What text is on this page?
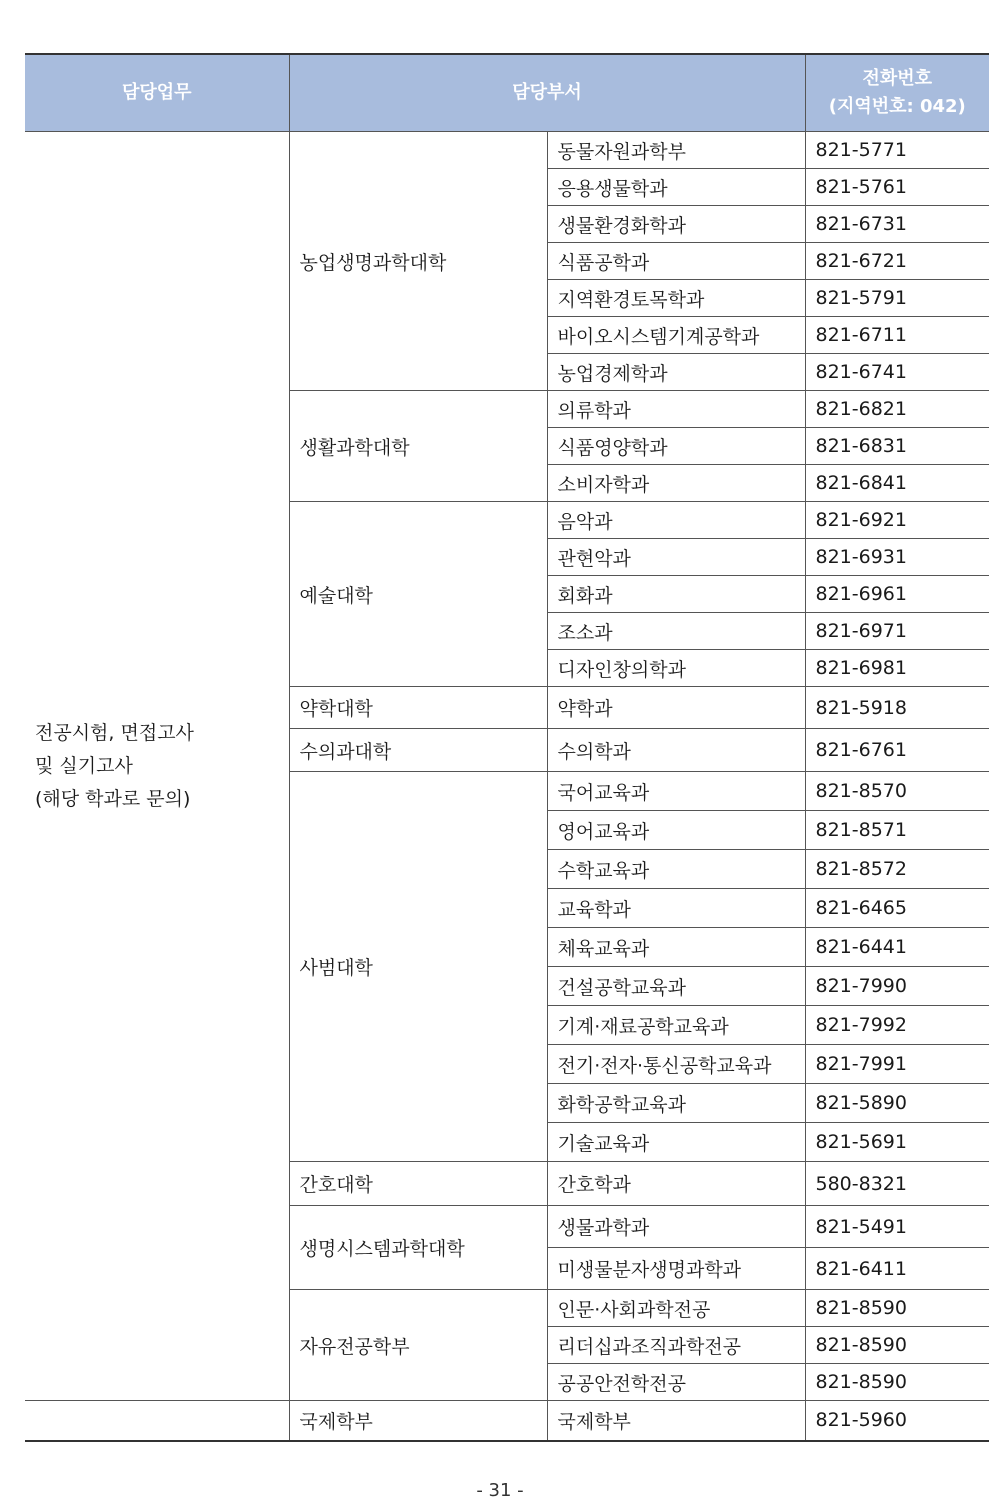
담당업무	담당부서		전화번호
(지역번호: 042)
전공시험, 면접고사
및 실기고사
(해당 학과로 문의)	농업생명과학대학	동물자원과학부	821-5771
		응용생물학과	821-5761
		생물환경화학과	821-6731
		식품공학과	821-6721
		지역환경토목학과	821-5791
		바이오시스템기계공학과	821-6711
		농업경제학과	821-6741
	생활과학대학	의류학과	821-6821
		식품영양학과	821-6831
		소비자학과	821-6841
	예술대학	음악과	821-6921
		관현악과	821-6931
		회화과	821-6961
		조소과	821-6971
		디자인창의학과	821-6981
	약학대학	약학과	821-5918
	수의과대학	수의학과	821-6761
	사범대학	국어교육과	821-8570
		영어교육과	821-8571
		수학교육과	821-8572
		교육학과	821-6465
		체육교육과	821-6441
		건설공학교육과	821-7990
		기계·재료공학교육과	821-7992
		전기·전자·통신공학교육과	821-7991
		화학공학교육과	821-5890
		기술교육과	821-5691
	간호대학	간호학과	580-8321
	생명시스템과학대학	생물과학과	821-5491
		미생물분자생명과학과	821-6411
	자유전공학부	인문·사회과학전공	821-8590
		리더십과조직과학전공	821-8590
		공공안전학전공	821-8590
	국제학부	국제학부	821-5960
- 31 -
